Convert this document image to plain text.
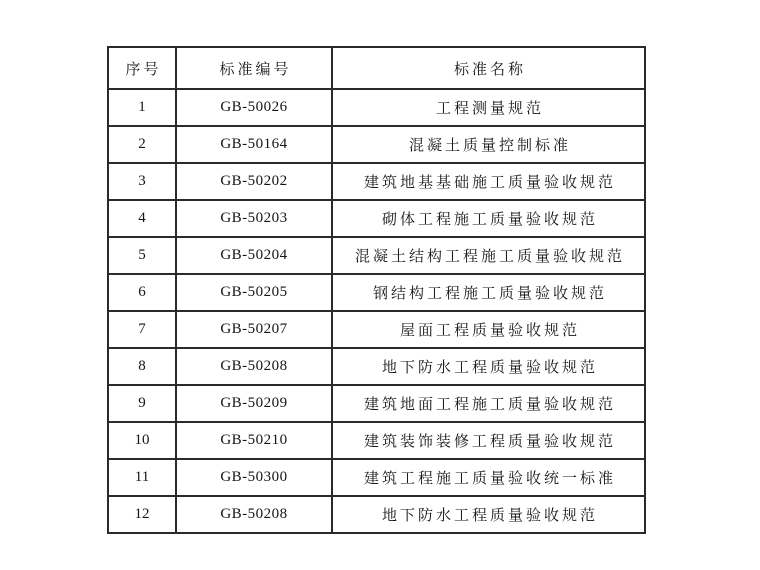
序号	标准编号	标准名称
1	GB-50026	工程测量规范
2	GB-50164	混凝土质量控制标准
3	GB-50202	建筑地基基础施工质量验收规范
4	GB-50203	砌体工程施工质量验收规范
5	GB-50204	混凝土结构工程施工质量验收规范
6	GB-50205	钢结构工程施工质量验收规范
7	GB-50207	屋面工程质量验收规范
8	GB-50208	地下防水工程质量验收规范
9	GB-50209	建筑地面工程施工质量验收规范
10	GB-50210	建筑装饰装修工程质量验收规范
11	GB-50300	建筑工程施工质量验收统一标准
12	GB-50208	地下防水工程质量验收规范
